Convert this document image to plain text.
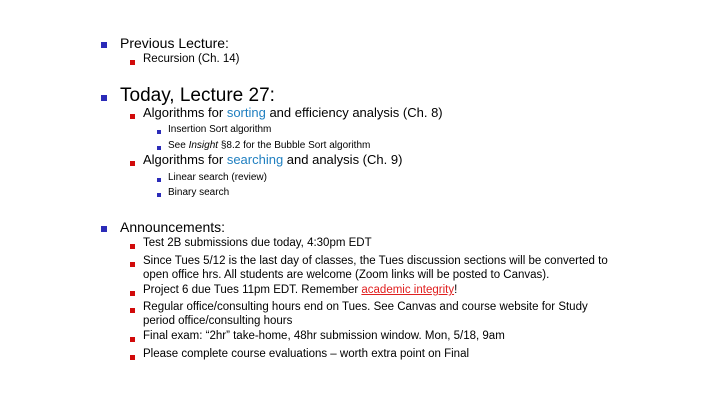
Previous Lecture:
Recursion (Ch. 14)
Today, Lecture 27:
Algorithms for sorting and efficiency analysis (Ch. 8)
Insertion Sort algorithm
See Insight §8.2 for the Bubble Sort algorithm
Algorithms for searching and analysis (Ch. 9)
Linear search (review)
Binary search
Announcements:
Test 2B submissions due today, 4:30pm EDT
Since Tues 5/12 is the last day of classes, the Tues discussion sections will be converted to
open office hrs. All students are welcome (Zoom links will be posted to Canvas).
Project 6 due Tues 11pm EDT. Remember academic integrity!
Regular office/consulting hours end on Tues. See Canvas and course website for Study
period office/consulting hours
Final exam: “2hr” take-home, 48hr submission window. Mon, 5/18, 9am
Please complete course evaluations – worth extra point on Final
